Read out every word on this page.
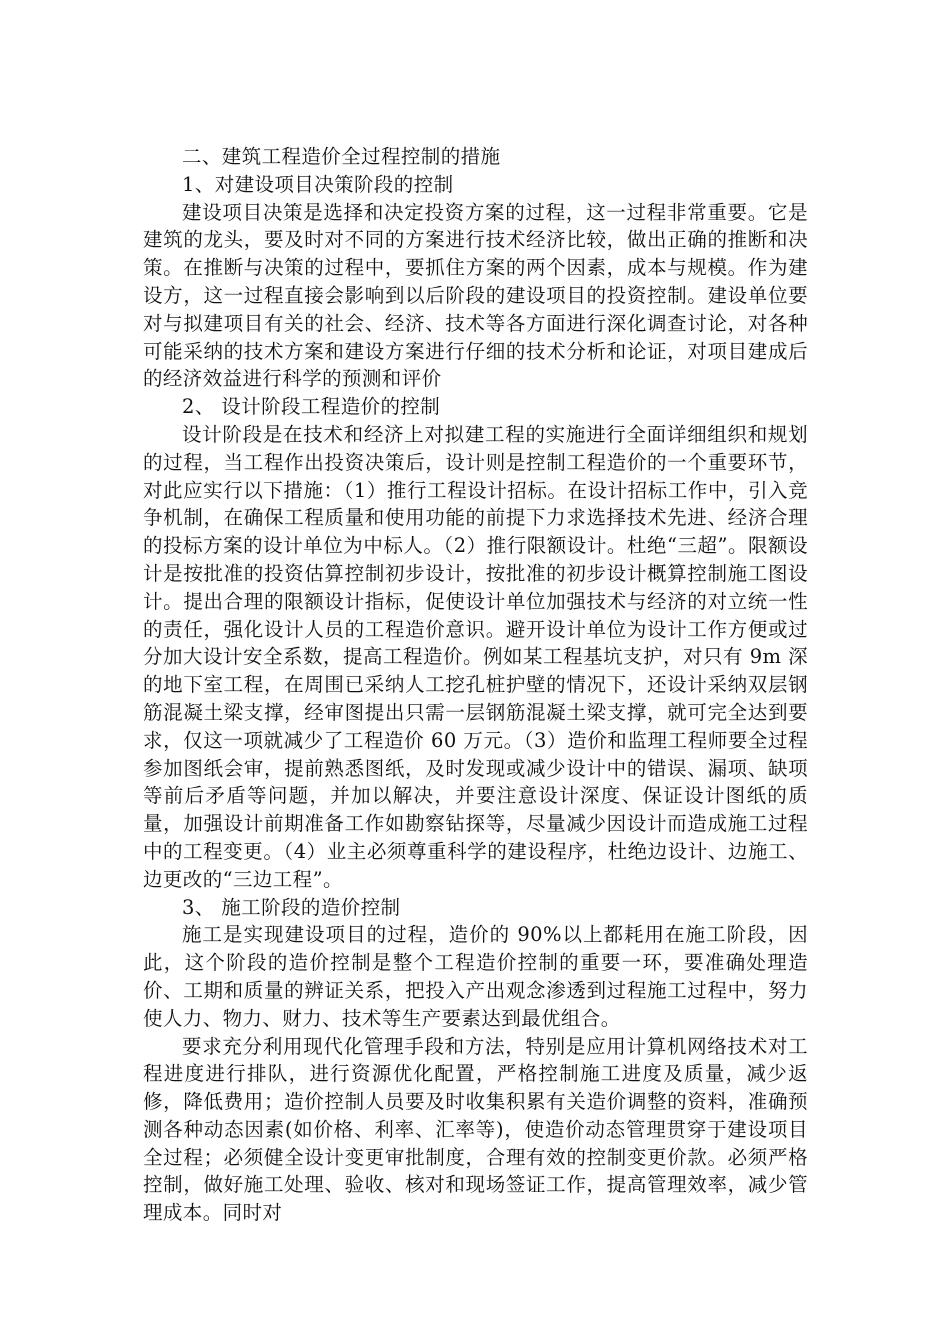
二、建筑工程造价全过程控制的措施

1、对建设项目决策阶段的控制

建设项目决策是选择和决定投资方案的过程，这一过程非常重要。它是建筑的龙头，要及时对不同的方案进行技术经济比较，做出正确的推断和决策。在推断与决策的过程中，要抓住方案的两个因素，成本与规模。作为建设方，这一过程直接会影响到以后阶段的建设项目的投资控制。建设单位要对与拟建项目有关的社会、经济、技术等各方面进行深化调查讨论，对各种可能采纳的技术方案和建设方案进行仔细的技术分析和论证，对项目建成后的经济效益进行科学的预测和评价

2、 设计阶段工程造价的控制

设计阶段是在技术和经济上对拟建工程的实施进行全面详细组织和规划的过程，当工程作出投资决策后，设计则是控制工程造价的一个重要环节，对此应实行以下措施：（1）推行工程设计招标。在设计招标工作中，引入竞争机制，在确保工程质量和使用功能的前提下力求选择技术先进、经济合理的投标方案的设计单位为中标人。（2）推行限额设计。杜绝“三超”。限额设计是按批准的投资估算控制初步设计，按批准的初步设计概算控制施工图设计。提出合理的限额设计指标，促使设计单位加强技术与经济的对立统一性的责任，强化设计人员的工程造价意识。避开设计单位为设计工作方便或过分加大设计安全系数，提高工程造价。例如某工程基坑支护，对只有 9m 深的地下室工程，在周围已采纳人工挖孔桩护壁的情况下，还设计采纳双层钢筋混凝土梁支撑，经审图提出只需一层钢筋混凝土梁支撑，就可完全达到要求，仅这一项就减少了工程造价 60 万元。（3）造价和监理工程师要全过程参加图纸会审，提前熟悉图纸，及时发现或减少设计中的错误、漏项、缺项等前后矛盾等问题，并加以解决，并要注意设计深度、保证设计图纸的质量，加强设计前期准备工作如勘察钻探等，尽量减少因设计而造成施工过程中的工程变更。（4）业主必须尊重科学的建设程序，杜绝边设计、边施工、边更改的“三边工程”。

3、 施工阶段的造价控制

施工是实现建设项目的过程，造价的 90%以上都耗用在施工阶段，因此，这个阶段的造价控制是整个工程造价控制的重要一环，要准确处理造价、工期和质量的辨证关系，把投入产出观念渗透到过程施工过程中，努力使人力、物力、财力、技术等生产要素达到最优组合。

要求充分利用现代化管理手段和方法，特别是应用计算机网络技术对工程进度进行排队，进行资源优化配置，严格控制施工进度及质量，减少返修，降低费用；造价控制人员要及时收集积累有关造价调整的资料，准确预测各种动态因素(如价格、利率、汇率等)，使造价动态管理贯穿于建设项目全过程；必须健全设计变更审批制度，合理有效的控制变更价款。必须严格控制，做好施工处理、验收、核对和现场签证工作，提高管理效率，减少管理成本。同时对
